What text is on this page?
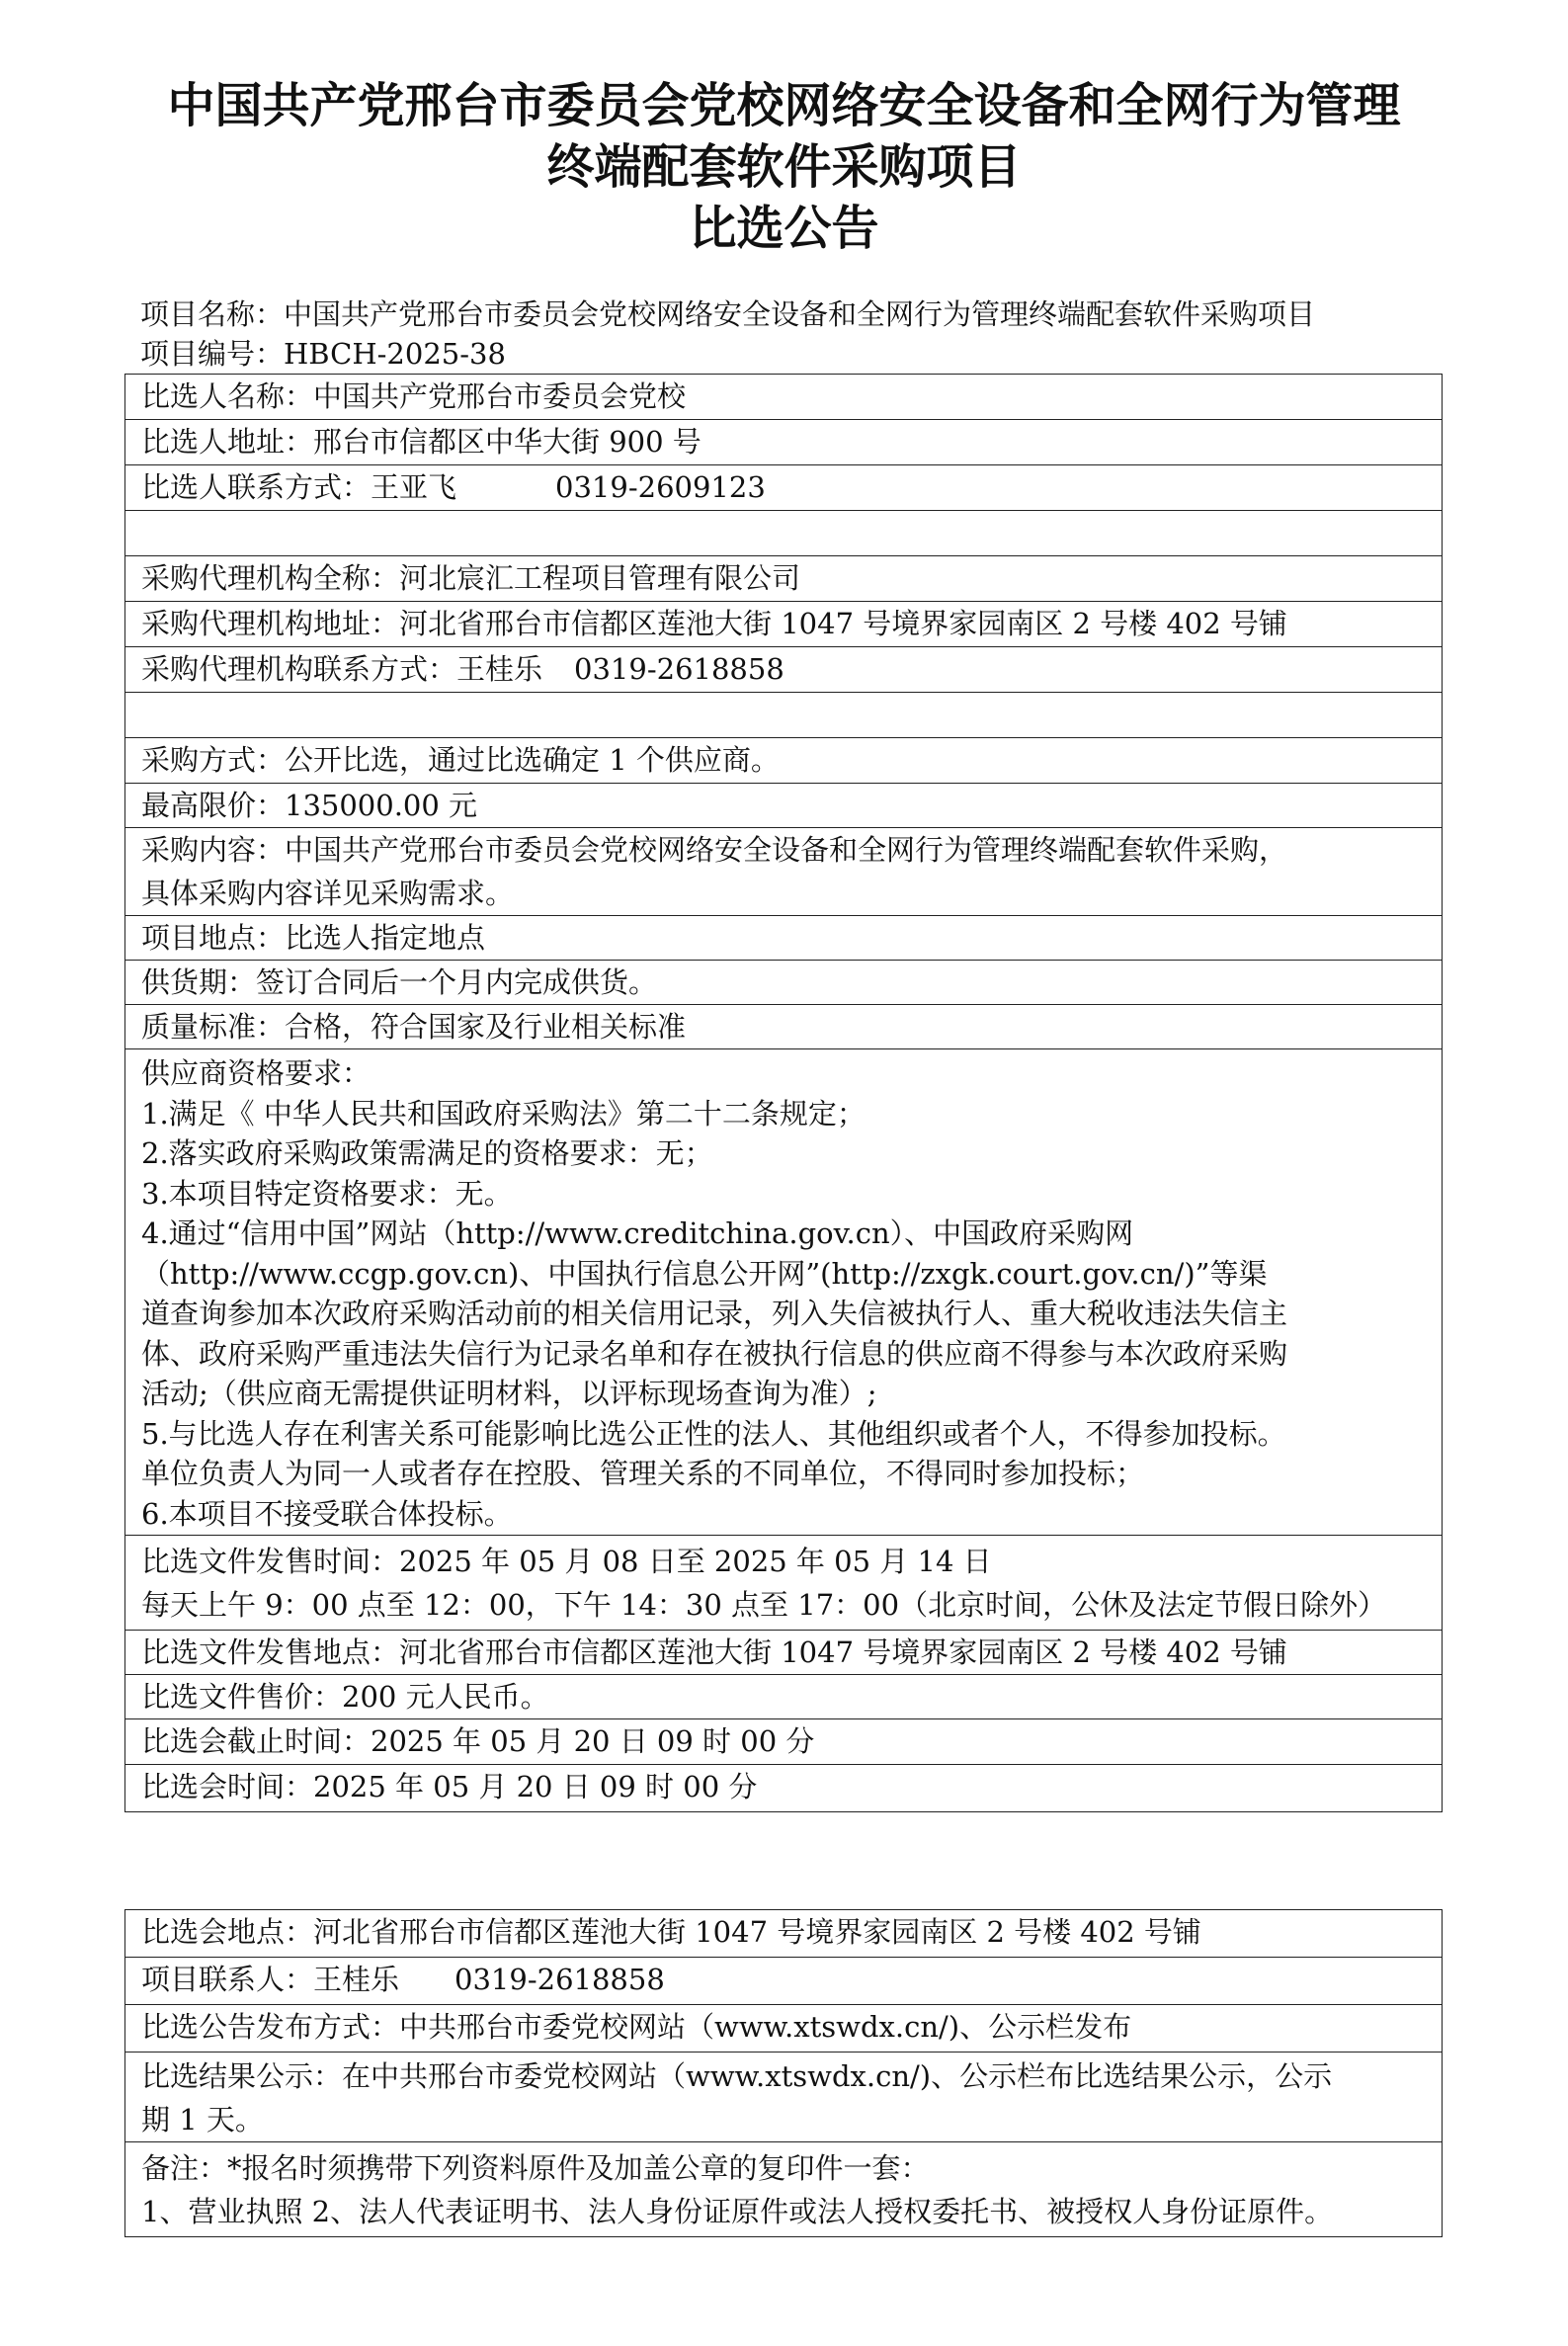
中国共产党邢台市委员会党校网络安全设备和全网行为管理
终端配套软件采购项目
比选公告
项目名称：中国共产党邢台市委员会党校网络安全设备和全网行为管理终端配套软件采购项目
项目编号：HBCH-2025-38
比选人名称：中国共产党邢台市委员会党校
比选人地址：邢台市信都区中华大街 900 号
比选人联系方式：王亚飞	0319-2609123

采购代理机构全称：河北宸汇工程项目管理有限公司
采购代理机构地址：河北省邢台市信都区莲池大街 1047 号境界家园南区 2 号楼 402 号铺
采购代理机构联系方式：王桂乐 0319-2618858

采购方式：公开比选，通过比选确定 1 个供应商。
最高限价：135000.00 元

采购内容：中国共产党邢台市委员会党校网络安全设备和全网行为管理终端配套软件采购，
具体采购内容详见采购需求。

项目地点：比选人指定地点
供货期：签订合同后一个月内完成供货。
质量标准：合格，符合国家及行业相关标准

供应商资格要求：
1.满足《 中华人民共和国政府采购法》第二十二条规定；
2.落实政府采购政策需满足的资格要求：无；
3.本项目特定资格要求：无。
4.通过“信用中国”网站（http://www.creditchina.gov.cn）、中国政府采购网
（http://www.ccgp.gov.cn)、中国执行信息公开网”(http://zxgk.court.gov.cn/)”等渠
道查询参加本次政府采购活动前的相关信用记录，列入失信被执行人、重大税收违法失信主
体、政府采购严重违法失信行为记录名单和存在被执行信息的供应商不得参与本次政府采购
活动;（供应商无需提供证明材料，以评标现场查询为准）;
5.与比选人存在利害关系可能影响比选公正性的法人、其他组织或者个人，不得参加投标。
单位负责人为同一人或者存在控股、管理关系的不同单位，不得同时参加投标；
6.本项目不接受联合体投标。

比选文件发售时间：2025 年 05 月 08 日至 2025 年 05 月 14 日
每天上午 9：00 点至 12：00，下午 14：30 点至 17：00（北京时间，公休及法定节假日除外）

比选文件发售地点：河北省邢台市信都区莲池大街 1047 号境界家园南区 2 号楼 402 号铺
比选文件售价：200 元人民币。
比选会截止时间：2025 年 05 月 20 日 09 时 00 分
比选会时间：2025 年 05 月 20 日 09 时 00 分
比选会地点：河北省邢台市信都区莲池大街 1047 号境界家园南区 2 号楼 402 号铺
项目联系人：王桂乐 0319-2618858
比选公告发布方式：中共邢台市委党校网站（www.xtswdx.cn/)、公示栏发布

比选结果公示：在中共邢台市委党校网站（www.xtswdx.cn/)、公示栏布比选结果公示，公示
期 1 天。

备注：*报名时须携带下列资料原件及加盖公章的复印件一套：
1、营业执照 2、法人代表证明书、法人身份证原件或法人授权委托书、被授权人身份证原件。
